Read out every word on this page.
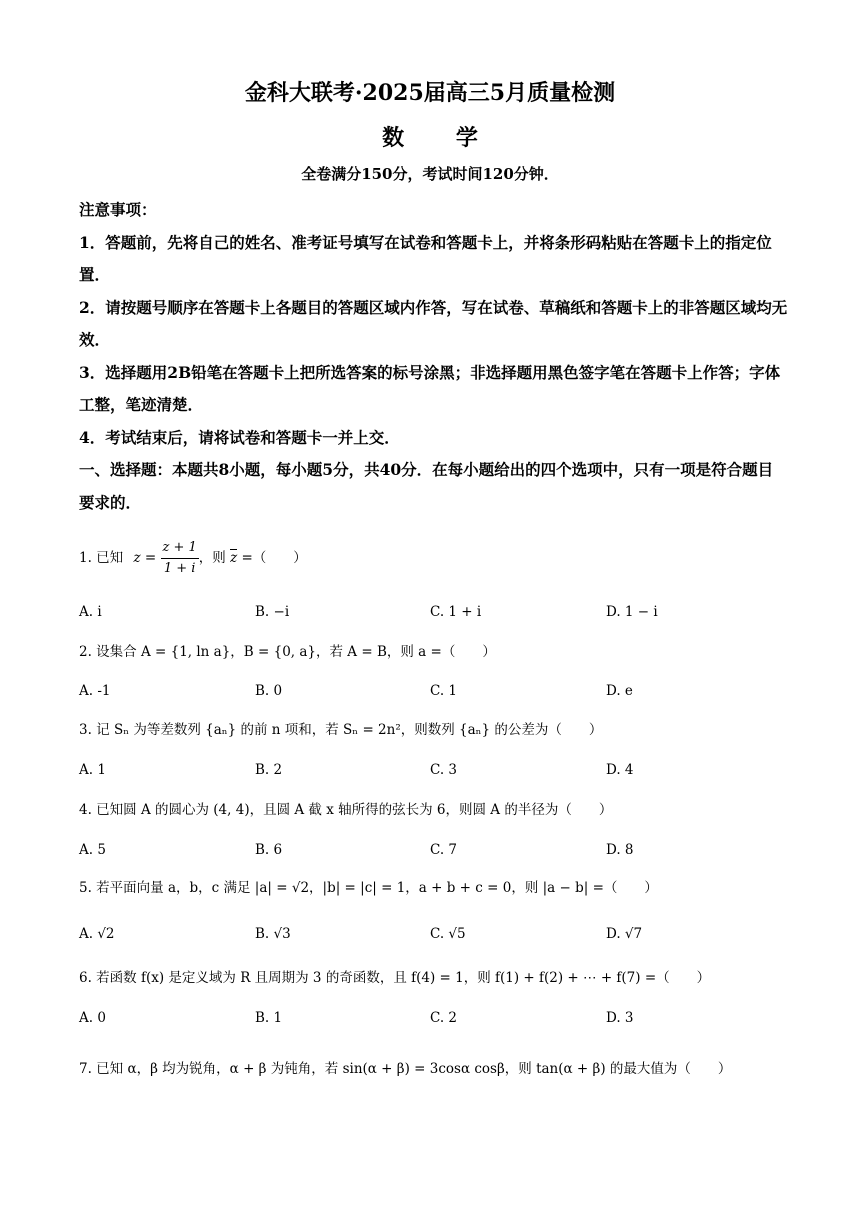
金科大联考·2025届高三5月质量检测
数 学
全卷满分150分，考试时间120分钟．
注意事项：
1．答题前，先将自己的姓名、准考证号填写在试卷和答题卡上，并将条形码粘贴在答题卡上的指定位置．
2．请按题号顺序在答题卡上各题目的答题区域内作答，写在试卷、草稿纸和答题卡上的非答题区域均无效．
3．选择题用2B铅笔在答题卡上把所选答案的标号涂黑；非选择题用黑色签字笔在答题卡上作答；字体工整，笔迹清楚．
4．考试结束后，请将试卷和答题卡一并上交．
一、选择题：本题共8小题，每小题5分，共40分．在每小题给出的四个选项中，只有一项是符合题目要求的．
1. 已知 $z = \frac{z + 1}{1 + i}$ ，则 z =（　　）
A. i	B. −i	C. 1 + i	D. 1 − i
2. 设集合 A = {1, ln a}，B = {0, a}，若 A = B，则 a =（　　）
A. -1	B. 0	C. 1	D. e
3. 记 Sₙ 为等差数列 {aₙ} 的前 n 项和，若 Sₙ = 2n²，则数列 {aₙ} 的公差为（　　）
A. 1	B. 2	C. 3	D. 4
4. 已知圆 A 的圆心为 (4, 4)，且圆 A 截 x 轴所得的弦长为 6，则圆 A 的半径为（　　）
A. 5	B. 6	C. 7	D. 8
5. 若平面向量 a，b，c 满足 |a| = √2，|b| = |c| = 1，a + b + c = 0，则 |a − b| =（　　）
A. √2	B. √3	C. √5	D. √7
6. 若函数 f(x) 是定义域为 R 且周期为 3 的奇函数，且 f(4) = 1，则 f(1) + f(2) + ⋯ + f(7) =（　　）
A. 0	B. 1	C. 2	D. 3
7. 已知 α，β 均为锐角，α + β 为钝角，若 sin(α + β) = 3cosα cosβ，则 tan(α + β) 的最大值为（　　）
